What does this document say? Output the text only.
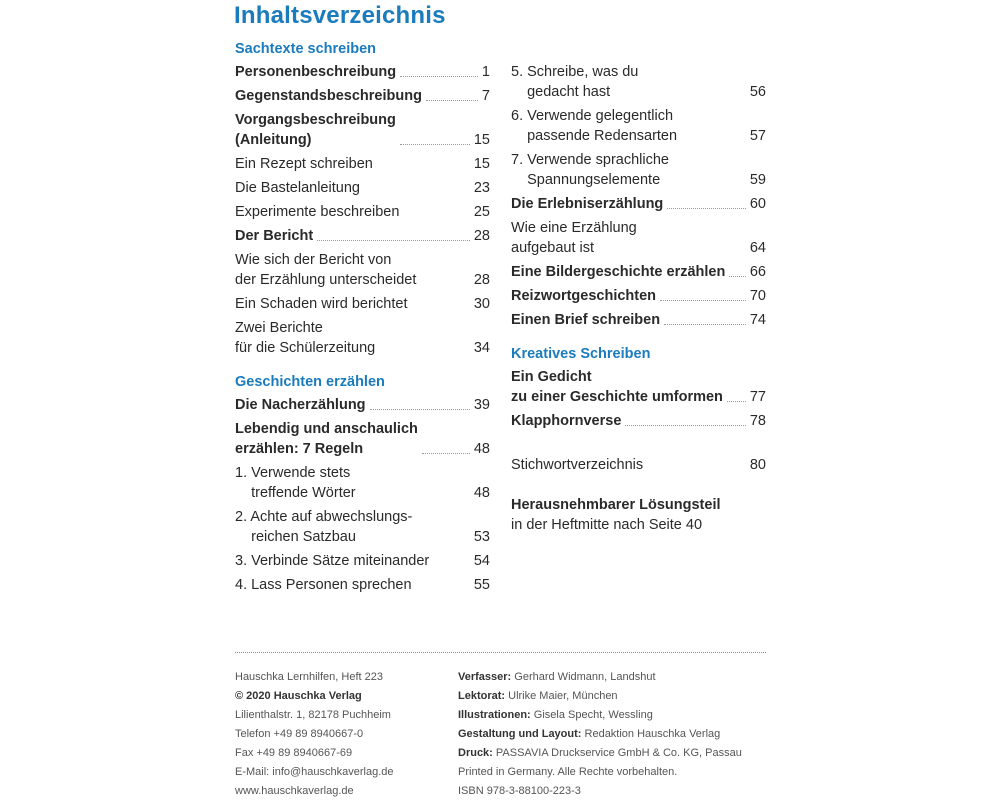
Inhaltsverzeichnis
Sachtexte schreiben
Personenbeschreibung	1
Gegenstandsbeschreibung	7
Vorgangsbeschreibung
(Anleitung)	15
Ein Rezept schreiben	15
Die Bastelanleitung	23
Experimente beschreiben	25
Der Bericht	28
Wie sich der Bericht von
der Erzählung unterscheidet	28
Ein Schaden wird berichtet	30
Zwei Berichte
für die Schülerzeitung	34
Geschichten erzählen
Die Nacherzählung	39
Lebendig und anschaulich
erzählen: 7 Regeln	48
1. Verwende stets
treffende Wörter	48
2. Achte auf abwechslungs-
reichen Satzbau	53
3. Verbinde Sätze miteinander	54
4. Lass Personen sprechen	55
5. Schreibe, was du
gedacht hast	56
6. Verwende gelegentlich
passende Redensarten	57
7. Verwende sprachliche
Spannungselemente	59
Die Erlebniserzählung	60
Wie eine Erzählung
aufgebaut ist	64
Eine Bildergeschichte erzählen 66
Reizwortgeschichten	70
Einen Brief schreiben	74
Kreatives Schreiben
Ein Gedicht
zu einer Geschichte umformen 77
Klapphornverse	78
Stichwortverzeichnis	80
Herausnehmbarer Lösungsteil
in der Heftmitte nach Seite 40
Hauschka Lernhilfen, Heft 223
© 2020 Hauschka Verlag
Lilienthalstr. 1, 82178 Puchheim
Telefon +49 89 8940667-0
Fax +49 89 8940667-69
E-Mail: info@hauschkaverlag.de
www.hauschkaverlag.de
Verfasser: Gerhard Widmann, Landshut
Lektorat: Ulrike Maier, München
Illustrationen: Gisela Specht, Wessling
Gestaltung und Layout: Redaktion Hauschka Verlag
Druck: PASSAVIA Druckservice GmbH & Co. KG, Passau
Printed in Germany. Alle Rechte vorbehalten.
ISBN 978-3-88100-223-3
